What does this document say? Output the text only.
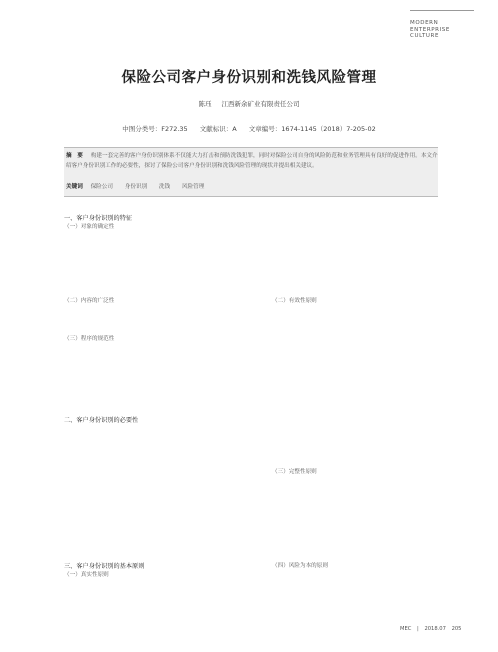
MODERN
ENTERPRISE
CULTURE
保险公司客户身份识别和洗钱风险管理
陈珏 江西新余矿业有限责任公司
中图分类号：F272.35 文献标识：A 文章编号：1674-1145（2018）7-205-02
摘　要 构建一套完善的客户身份识别体系不仅能大力打击和预防洗钱犯罪，同时对保险公司自身的风险防范和业务管理具有良好的促进作用。本文介绍客户身份识别工作的必要性，探讨了保险公司客户身份识别和洗钱风险管理的现状并提出相关建议。
关键词 保险公司 身份识别 洗钱 风险管理
一、客户身份识别的特征
（一）对象的确定性
（二）内容的广泛性
（三）程序的规范性
二、客户身份识别的必要性
三、客户身份识别的基本原则
（一）真实性原则
（二）有效性原则
（三）完整性原则
（四）风险为本的原则
MEC | 2018.07 205
